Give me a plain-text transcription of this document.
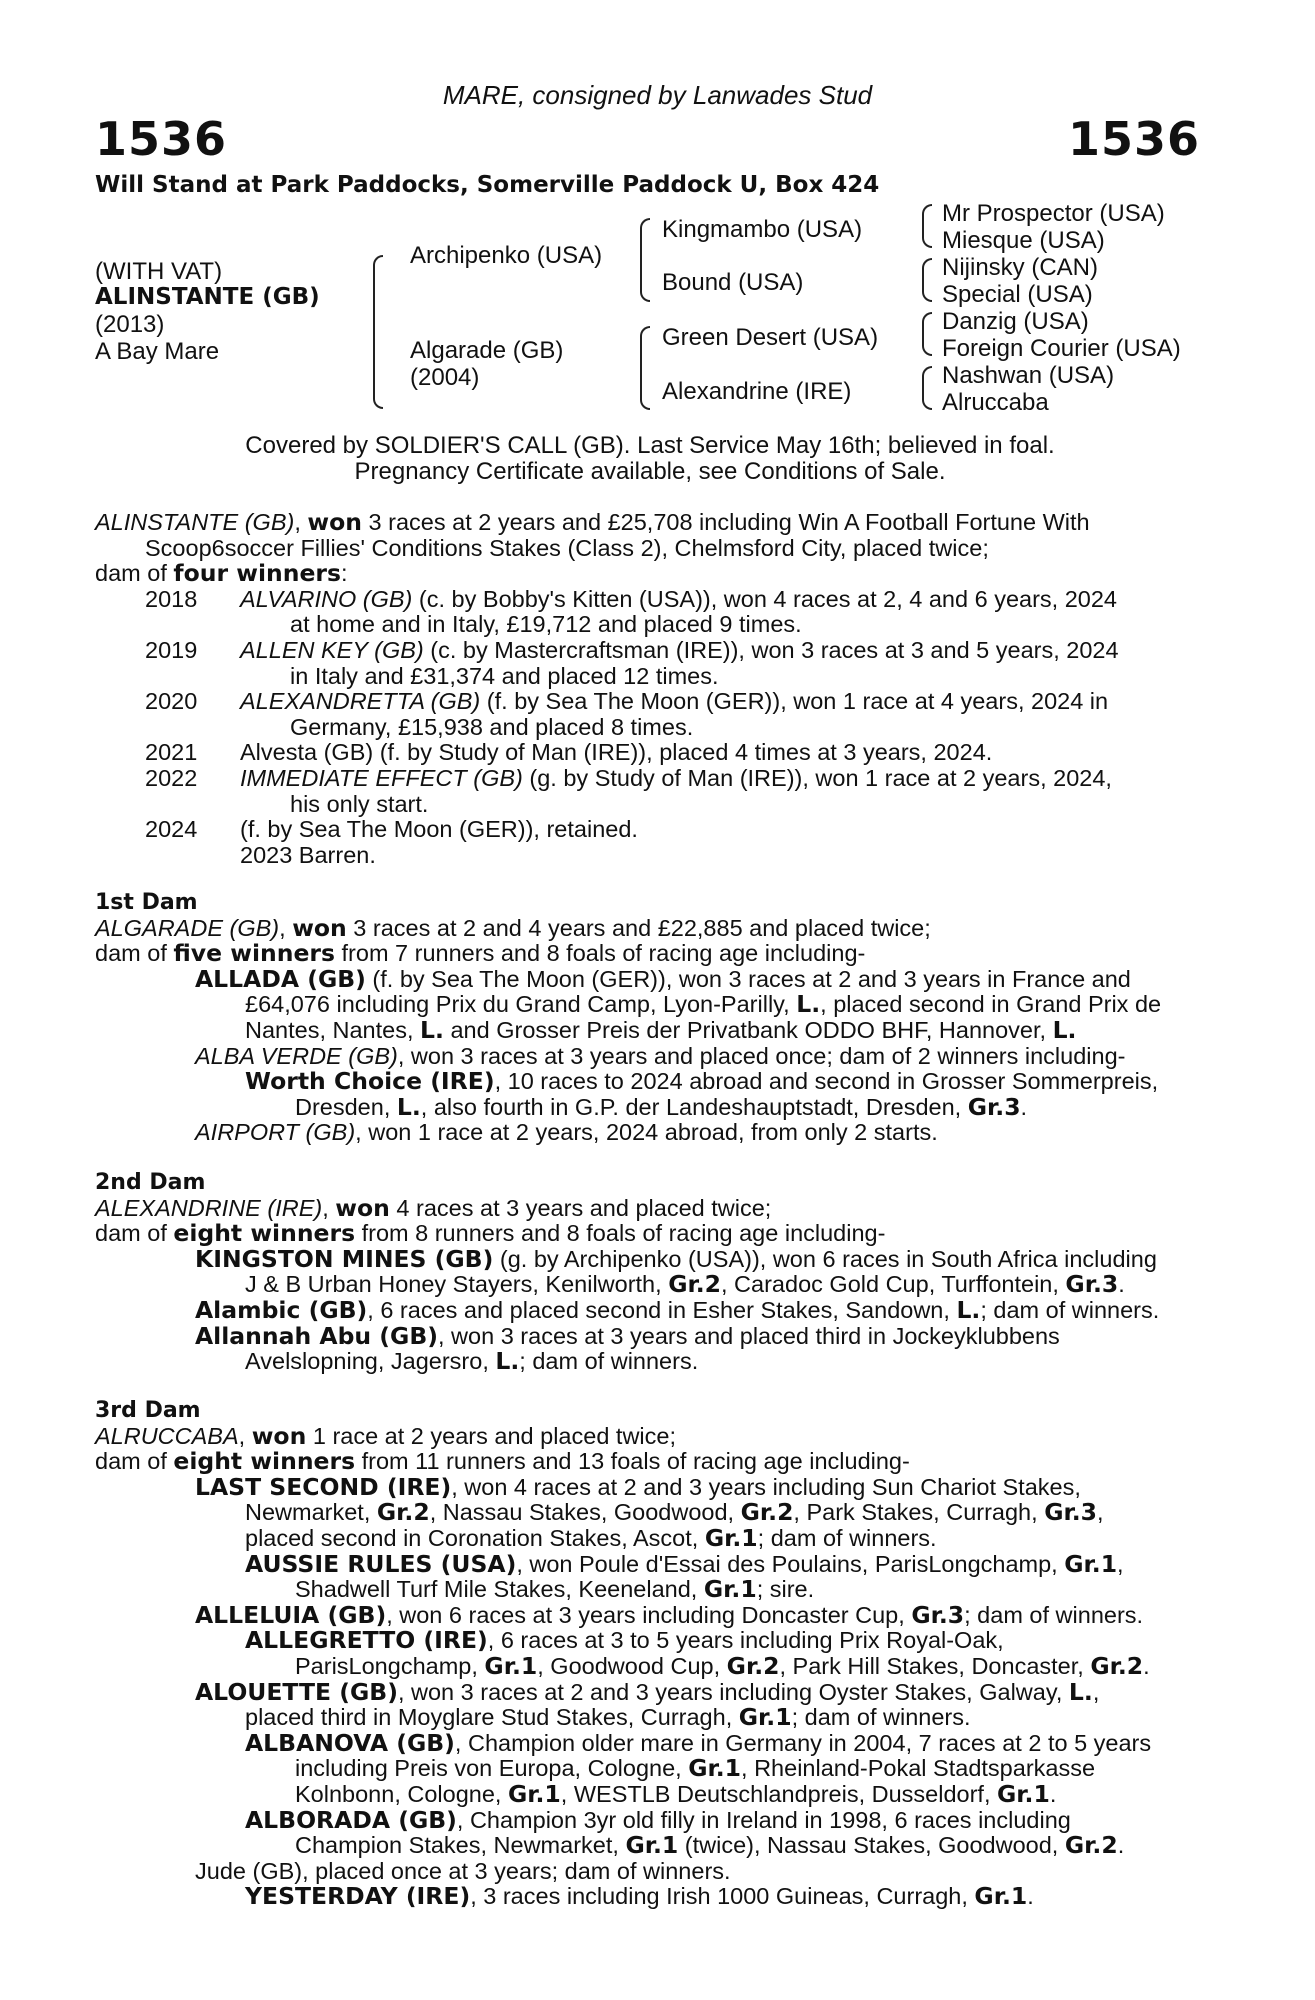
MARE, consigned by Lanwades Stud
1536	1536
Will Stand at Park Paddocks, Somerville Paddock U, Box 424
(WITH VAT)
ALINSTANTE (GB)
(2013)
A Bay Mare
Archipenko (USA)
Algarade (GB)
(2004)
Kingmambo (USA)
Bound (USA)
Green Desert (USA)
Alexandrine (IRE)
Mr Prospector (USA)
Miesque (USA)
Nijinsky (CAN)
Special (USA)
Danzig (USA)
Foreign Courier (USA)
Nashwan (USA)
Alruccaba
Covered by SOLDIER'S CALL (GB). Last Service May 16th; believed in foal.
Pregnancy Certificate available, see Conditions of Sale.
ALINSTANTE (GB), won 3 races at 2 years and £25,708 including Win A Football Fortune With
Scoop6soccer Fillies' Conditions Stakes (Class 2), Chelmsford City, placed twice;
dam of four winners:
2018 ALVARINO (GB) (c. by Bobby's Kitten (USA)), won 4 races at 2, 4 and 6 years, 2024
at home and in Italy, £19,712 and placed 9 times.
2019 ALLEN KEY (GB) (c. by Mastercraftsman (IRE)), won 3 races at 3 and 5 years, 2024
in Italy and £31,374 and placed 12 times.
2020 ALEXANDRETTA (GB) (f. by Sea The Moon (GER)), won 1 race at 4 years, 2024 in
Germany, £15,938 and placed 8 times.
2021 Alvesta (GB) (f. by Study of Man (IRE)), placed 4 times at 3 years, 2024.
2022 IMMEDIATE EFFECT (GB) (g. by Study of Man (IRE)), won 1 race at 2 years, 2024,
his only start.
2024 (f. by Sea The Moon (GER)), retained.
2023 Barren.
1st Dam
ALGARADE (GB), won 3 races at 2 and 4 years and £22,885 and placed twice;
dam of five winners from 7 runners and 8 foals of racing age including-
ALLADA (GB) (f. by Sea The Moon (GER)), won 3 races at 2 and 3 years in France and
£64,076 including Prix du Grand Camp, Lyon-Parilly, L., placed second in Grand Prix de
Nantes, Nantes, L. and Grosser Preis der Privatbank ODDO BHF, Hannover, L.
ALBA VERDE (GB), won 3 races at 3 years and placed once; dam of 2 winners including-
Worth Choice (IRE), 10 races to 2024 abroad and second in Grosser Sommerpreis,
Dresden, L., also fourth in G.P. der Landeshauptstadt, Dresden, Gr.3.
AIRPORT (GB), won 1 race at 2 years, 2024 abroad, from only 2 starts.
2nd Dam
ALEXANDRINE (IRE), won 4 races at 3 years and placed twice;
dam of eight winners from 8 runners and 8 foals of racing age including-
KINGSTON MINES (GB) (g. by Archipenko (USA)), won 6 races in South Africa including
J & B Urban Honey Stayers, Kenilworth, Gr.2, Caradoc Gold Cup, Turffontein, Gr.3.
Alambic (GB), 6 races and placed second in Esher Stakes, Sandown, L.; dam of winners.
Allannah Abu (GB), won 3 races at 3 years and placed third in Jockeyklubbens
Avelslopning, Jagersro, L.; dam of winners.
3rd Dam
ALRUCCABA, won 1 race at 2 years and placed twice;
dam of eight winners from 11 runners and 13 foals of racing age including-
LAST SECOND (IRE), won 4 races at 2 and 3 years including Sun Chariot Stakes,
Newmarket, Gr.2, Nassau Stakes, Goodwood, Gr.2, Park Stakes, Curragh, Gr.3,
placed second in Coronation Stakes, Ascot, Gr.1; dam of winners.
AUSSIE RULES (USA), won Poule d'Essai des Poulains, ParisLongchamp, Gr.1,
Shadwell Turf Mile Stakes, Keeneland, Gr.1; sire.
ALLELUIA (GB), won 6 races at 3 years including Doncaster Cup, Gr.3; dam of winners.
ALLEGRETTO (IRE), 6 races at 3 to 5 years including Prix Royal-Oak,
ParisLongchamp, Gr.1, Goodwood Cup, Gr.2, Park Hill Stakes, Doncaster, Gr.2.
ALOUETTE (GB), won 3 races at 2 and 3 years including Oyster Stakes, Galway, L.,
placed third in Moyglare Stud Stakes, Curragh, Gr.1; dam of winners.
ALBANOVA (GB), Champion older mare in Germany in 2004, 7 races at 2 to 5 years
including Preis von Europa, Cologne, Gr.1, Rheinland-Pokal Stadtsparkasse
Kolnbonn, Cologne, Gr.1, WESTLB Deutschlandpreis, Dusseldorf, Gr.1.
ALBORADA (GB), Champion 3yr old filly in Ireland in 1998, 6 races including
Champion Stakes, Newmarket, Gr.1 (twice), Nassau Stakes, Goodwood, Gr.2.
Jude (GB), placed once at 3 years; dam of winners.
YESTERDAY (IRE), 3 races including Irish 1000 Guineas, Curragh, Gr.1.
